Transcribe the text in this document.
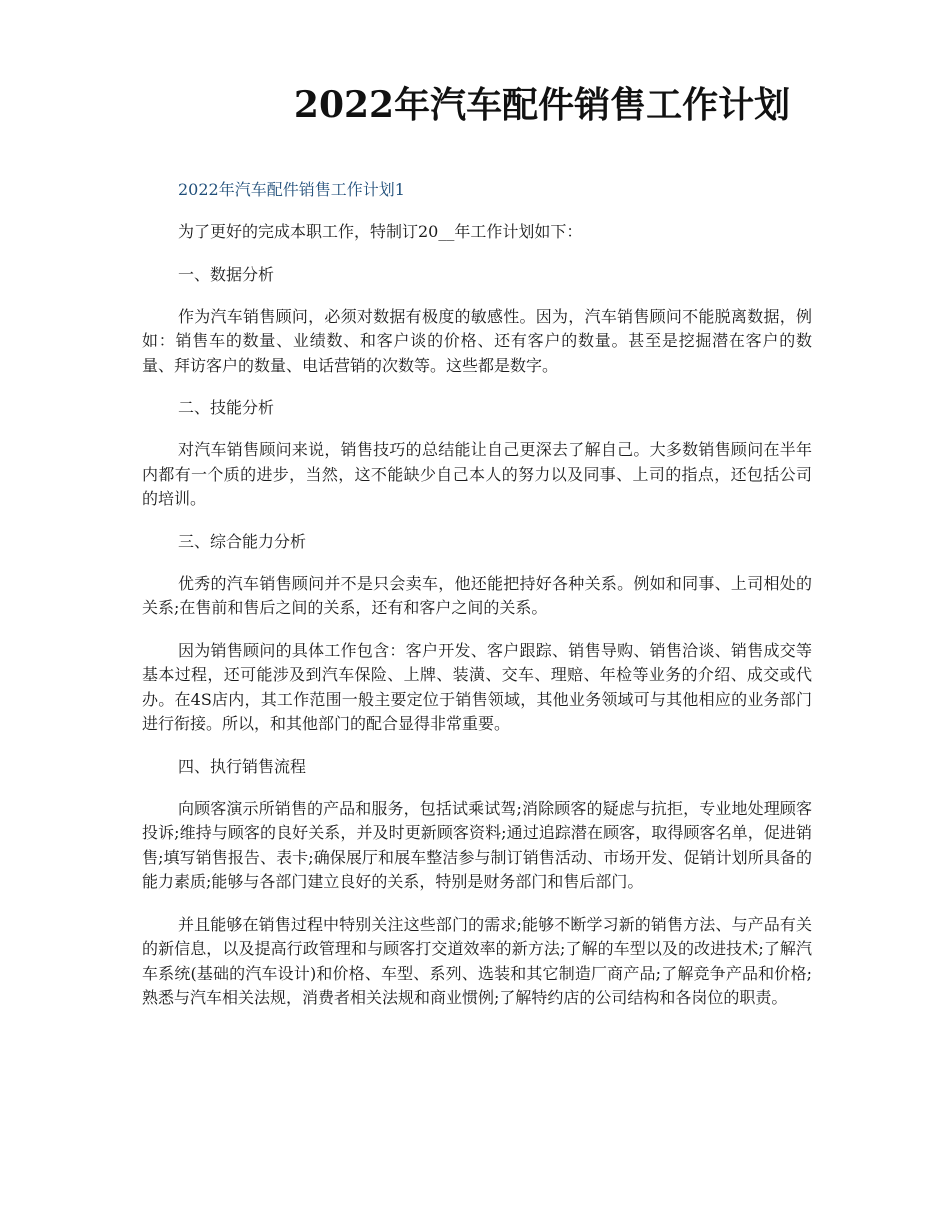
2022年汽车配件销售工作计划
2022年汽车配件销售工作计划1

为了更好的完成本职工作，特制订20__年工作计划如下：

一、数据分析

作为汽车销售顾问，必须对数据有极度的敏感性。因为，汽车销售顾问不能脱离数据，例如：销售车的数量、业绩数、和客户谈的价格、还有客户的数量。甚至是挖掘潜在客户的数量、拜访客户的数量、电话营销的次数等。这些都是数字。

二、技能分析

对汽车销售顾问来说，销售技巧的总结能让自己更深去了解自己。大多数销售顾问在半年内都有一个质的进步，当然，这不能缺少自己本人的努力以及同事、上司的指点，还包括公司的培训。

三、综合能力分析

优秀的汽车销售顾问并不是只会卖车，他还能把持好各种关系。例如和同事、上司相处的关系;在售前和售后之间的关系，还有和客户之间的关系。

因为销售顾问的具体工作包含：客户开发、客户跟踪、销售导购、销售洽谈、销售成交等基本过程，还可能涉及到汽车保险、上牌、装潢、交车、理赔、年检等业务的介绍、成交或代办。在4S店内，其工作范围一般主要定位于销售领域，其他业务领域可与其他相应的业务部门进行衔接。所以，和其他部门的配合显得非常重要。

四、执行销售流程

向顾客演示所销售的产品和服务，包括试乘试驾;消除顾客的疑虑与抗拒，专业地处理顾客投诉;维持与顾客的良好关系，并及时更新顾客资料;通过追踪潜在顾客，取得顾客名单，促进销售;填写销售报告、表卡;确保展厅和展车整洁参与制订销售活动、市场开发、促销计划所具备的能力素质;能够与各部门建立良好的关系，特别是财务部门和售后部门。

并且能够在销售过程中特别关注这些部门的需求;能够不断学习新的销售方法、与产品有关的新信息，以及提高行政管理和与顾客打交道效率的新方法;了解的车型以及的改进技术;了解汽车系统(基础的汽车设计)和价格、车型、系列、选装和其它制造厂商产品;了解竞争产品和价格;熟悉与汽车相关法规，消费者相关法规和商业惯例;了解特约店的公司结构和各岗位的职责。
